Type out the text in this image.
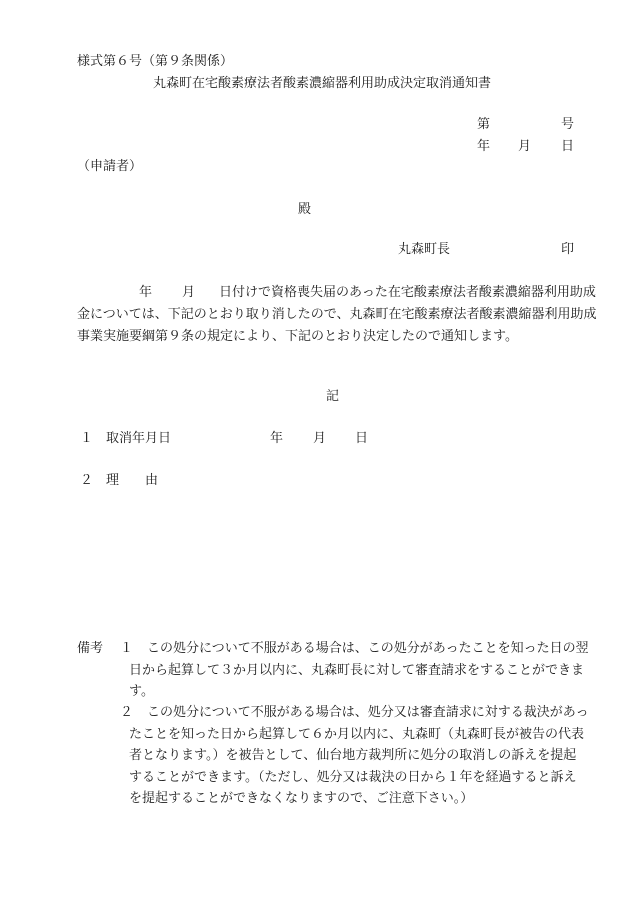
様式第６号（第９条関係）
丸森町在宅酸素療法者酸素濃縮器利用助成決定取消通知書
第	号
年 月 日
（申請者）
殿
丸森町長	印
年 月 日付けで資格喪失届のあった在宅酸素療法者酸素濃縮器利用助成金については、下記のとおり取り消したので、丸森町在宅酸素療法者酸素濃縮器利用助成事業実施要綱第９条の規定により、下記のとおり決定したので通知します。
記
１ 取消年月日	年 月 日
２ 理　　由
備考 １	この処分について不服がある場合は、この処分があったことを知った日の翌日から起算して３か月以内に、丸森町長に対して審査請求をすることができます。
２	この処分について不服がある場合は、処分又は審査請求に対する裁決があったことを知った日から起算して６か月以内に、丸森町（丸森町長が被告の代表者となります。）を被告として、仙台地方裁判所に処分の取消しの訴えを提起することができます。（ただし、処分又は裁決の日から１年を経過すると訴えを提起することができなくなりますので、ご注意下さい。）
